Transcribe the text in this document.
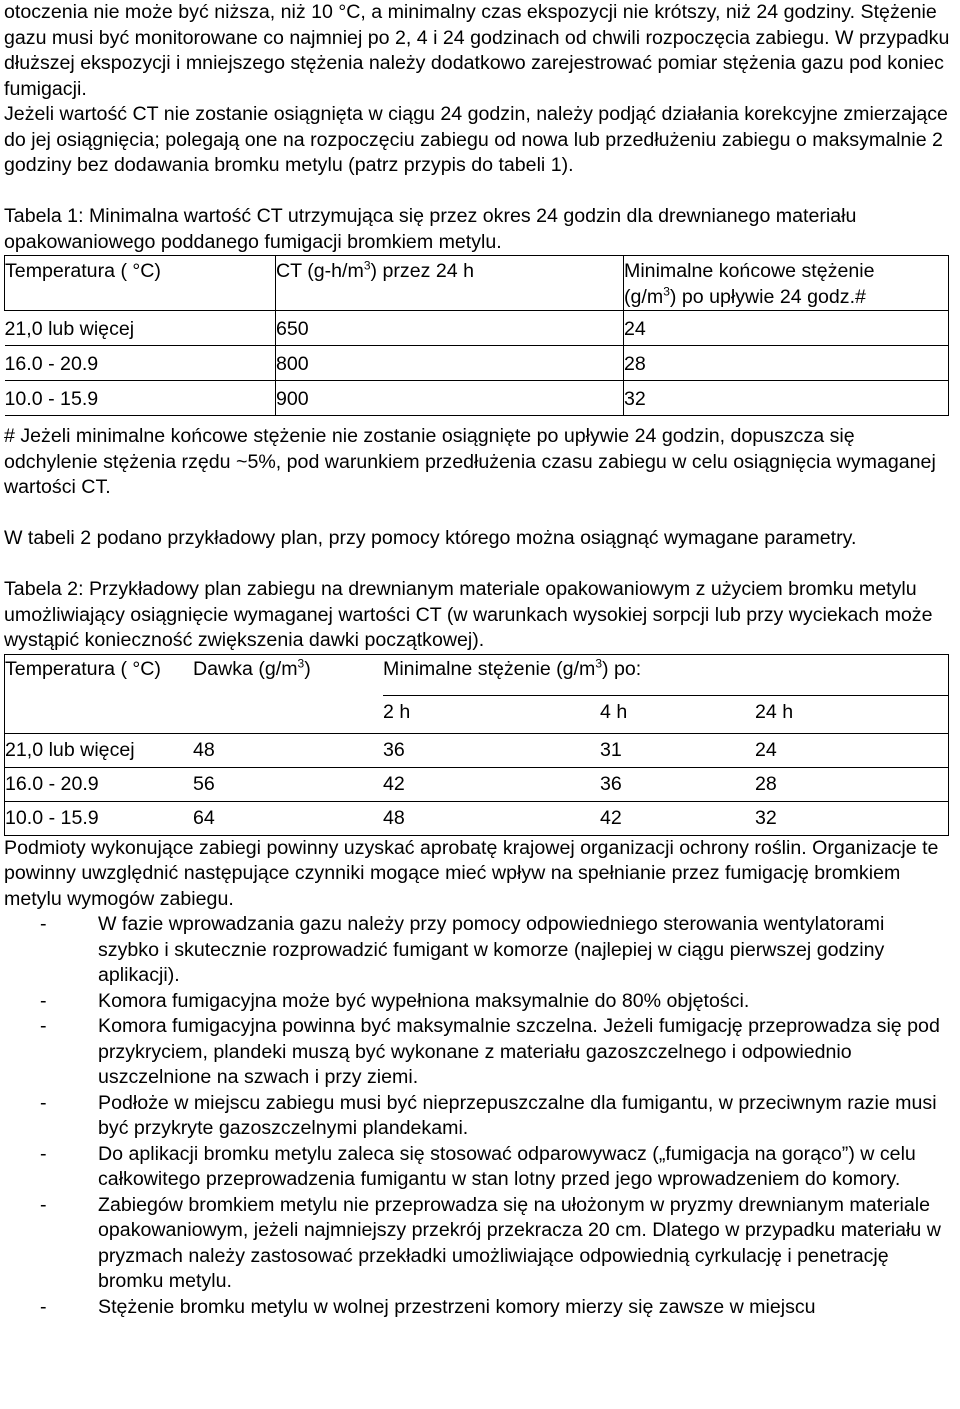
otoczenia nie może być niższa, niż 10 °C, a minimalny czas ekspozycji nie krótszy, niż 24 godziny. Stężenie gazu musi być monitorowane co najmniej po 2, 4 i 24 godzinach od chwili rozpoczęcia zabiegu. W przypadku dłuższej ekspozycji i mniejszego stężenia należy dodatkowo zarejestrować pomiar stężenia gazu pod koniec fumigacji.

Jeżeli wartość CT nie zostanie osiągnięta w ciągu 24 godzin, należy podjąć działania korekcyjne zmierzające do jej osiągnięcia; polegają one na rozpoczęciu zabiegu od nowa lub przedłużeniu zabiegu o maksymalnie 2 godziny bez dodawania bromku metylu (patrz przypis do tabeli 1).

Tabela 1: Minimalna wartość CT utrzymująca się przez okres 24 godzin dla drewnianego materiału opakowaniowego poddanego fumigacji bromkiem metylu.

Temperatura ( °C)	CT $(g-h/m^3)$ przez 24 h	Minimalne końcowe stężenie
$(g/m^3)$ po upływie 24 godz.#
21,0 lub więcej	650	24
16.0 - 20.9	800	28
10.0 - 15.9	900	32

# Jeżeli minimalne końcowe stężenie nie zostanie osiągnięte po upływie 24 godzin, dopuszcza się odchylenie stężenia rzędu ~5%, pod warunkiem przedłużenia czasu zabiegu w celu osiągnięcia wymaganej wartości CT.

W tabeli 2 podano przykładowy plan, przy pomocy którego można osiągnąć wymagane parametry.

Tabela 2: Przykładowy plan zabiegu na drewnianym materiale opakowaniowym z użyciem bromku metylu umożliwiający osiągnięcie wymaganej wartości CT (w warunkach wysokiej sorpcji lub przy wyciekach może wystąpić konieczność zwiększenia dawki początkowej).

Temperatura ( °C)	Dawka $(g/m^3)$	Minimalne stężenie $(g/m^3)$ po:		
		2 h	4 h	24 h
21,0 lub więcej	48	36	31	24
16.0 - 20.9	56	42	36	28
10.0 - 15.9	64	48	42	32

Podmioty wykonujące zabiegi powinny uzyskać aprobatę krajowej organizacji ochrony roślin. Organizacje te powinny uwzględnić następujące czynniki mogące mieć wpływ na spełnianie przez fumigację bromkiem metylu wymogów zabiegu.

-	W fazie wprowadzania gazu należy przy pomocy odpowiedniego sterowania wentylatorami szybko i skutecznie rozprowadzić fumigant w komorze (najlepiej w ciągu pierwszej godziny aplikacji).
-	Komora fumigacyjna może być wypełniona maksymalnie do 80% objętości.
-	Komora fumigacyjna powinna być maksymalnie szczelna. Jeżeli fumigację przeprowadza się pod przykryciem, plandeki muszą być wykonane z materiału gazoszczelnego i odpowiednio uszczelnione na szwach i przy ziemi.
-	Podłoże w miejscu zabiegu musi być nieprzepuszczalne dla fumigantu, w przeciwnym razie musi być przykryte gazoszczelnymi plandekami.
-	Do aplikacji bromku metylu zaleca się stosować odparowywacz („fumigacja na gorąco”) w celu całkowitego przeprowadzenia fumigantu w stan lotny przed jego wprowadzeniem do komory.
-	Zabiegów bromkiem metylu nie przeprowadza się na ułożonym w pryzmy drewnianym materiale opakowaniowym, jeżeli najmniejszy przekrój przekracza 20 cm. Dlatego w przypadku materiału w pryzmach należy zastosować przekładki umożliwiające odpowiednią cyrkulację i penetrację bromku metylu.
-	Stężenie bromku metylu w wolnej przestrzeni komory mierzy się zawsze w miejscu
